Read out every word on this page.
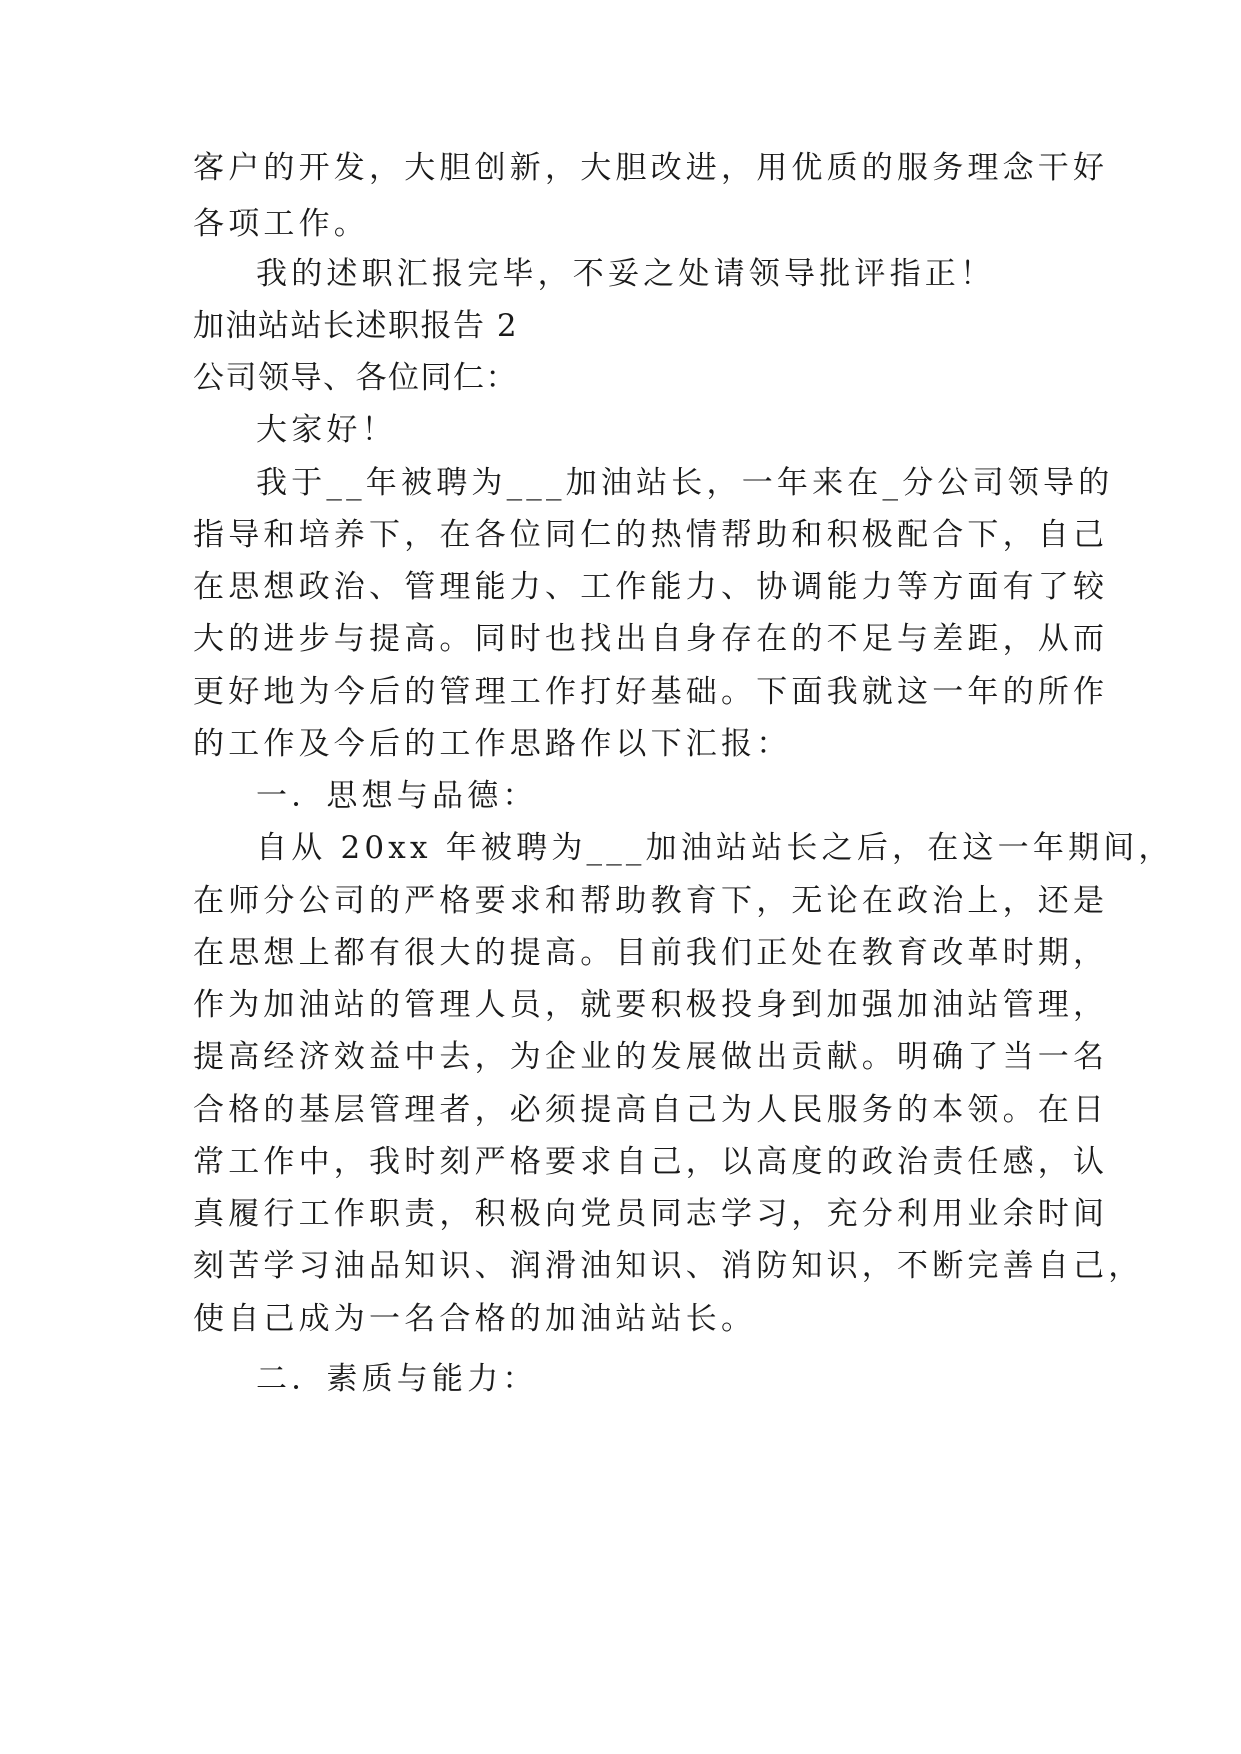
客户的开发，大胆创新，大胆改进，用优质的服务理念干好
各项工作。
我的述职汇报完毕，不妥之处请领导批评指正！
加油站站长述职报告 2
公司领导、各位同仁：
大家好！
我于__年被聘为___加油站长，一年来在_分公司领导的
指导和培养下，在各位同仁的热情帮助和积极配合下，自己
在思想政治、管理能力、工作能力、协调能力等方面有了较
大的进步与提高。同时也找出自身存在的不足与差距，从而
更好地为今后的管理工作打好基础。下面我就这一年的所作
的工作及今后的工作思路作以下汇报：
一．思想与品德：
自从 20xx 年被聘为___加油站站长之后，在这一年期间，
在师分公司的严格要求和帮助教育下，无论在政治上，还是
在思想上都有很大的提高。目前我们正处在教育改革时期，
作为加油站的管理人员，就要积极投身到加强加油站管理，
提高经济效益中去，为企业的发展做出贡献。明确了当一名
合格的基层管理者，必须提高自己为人民服务的本领。在日
常工作中，我时刻严格要求自己，以高度的政治责任感，认
真履行工作职责，积极向党员同志学习，充分利用业余时间
刻苦学习油品知识、润滑油知识、消防知识，不断完善自己，
使自己成为一名合格的加油站站长。
二．素质与能力：
